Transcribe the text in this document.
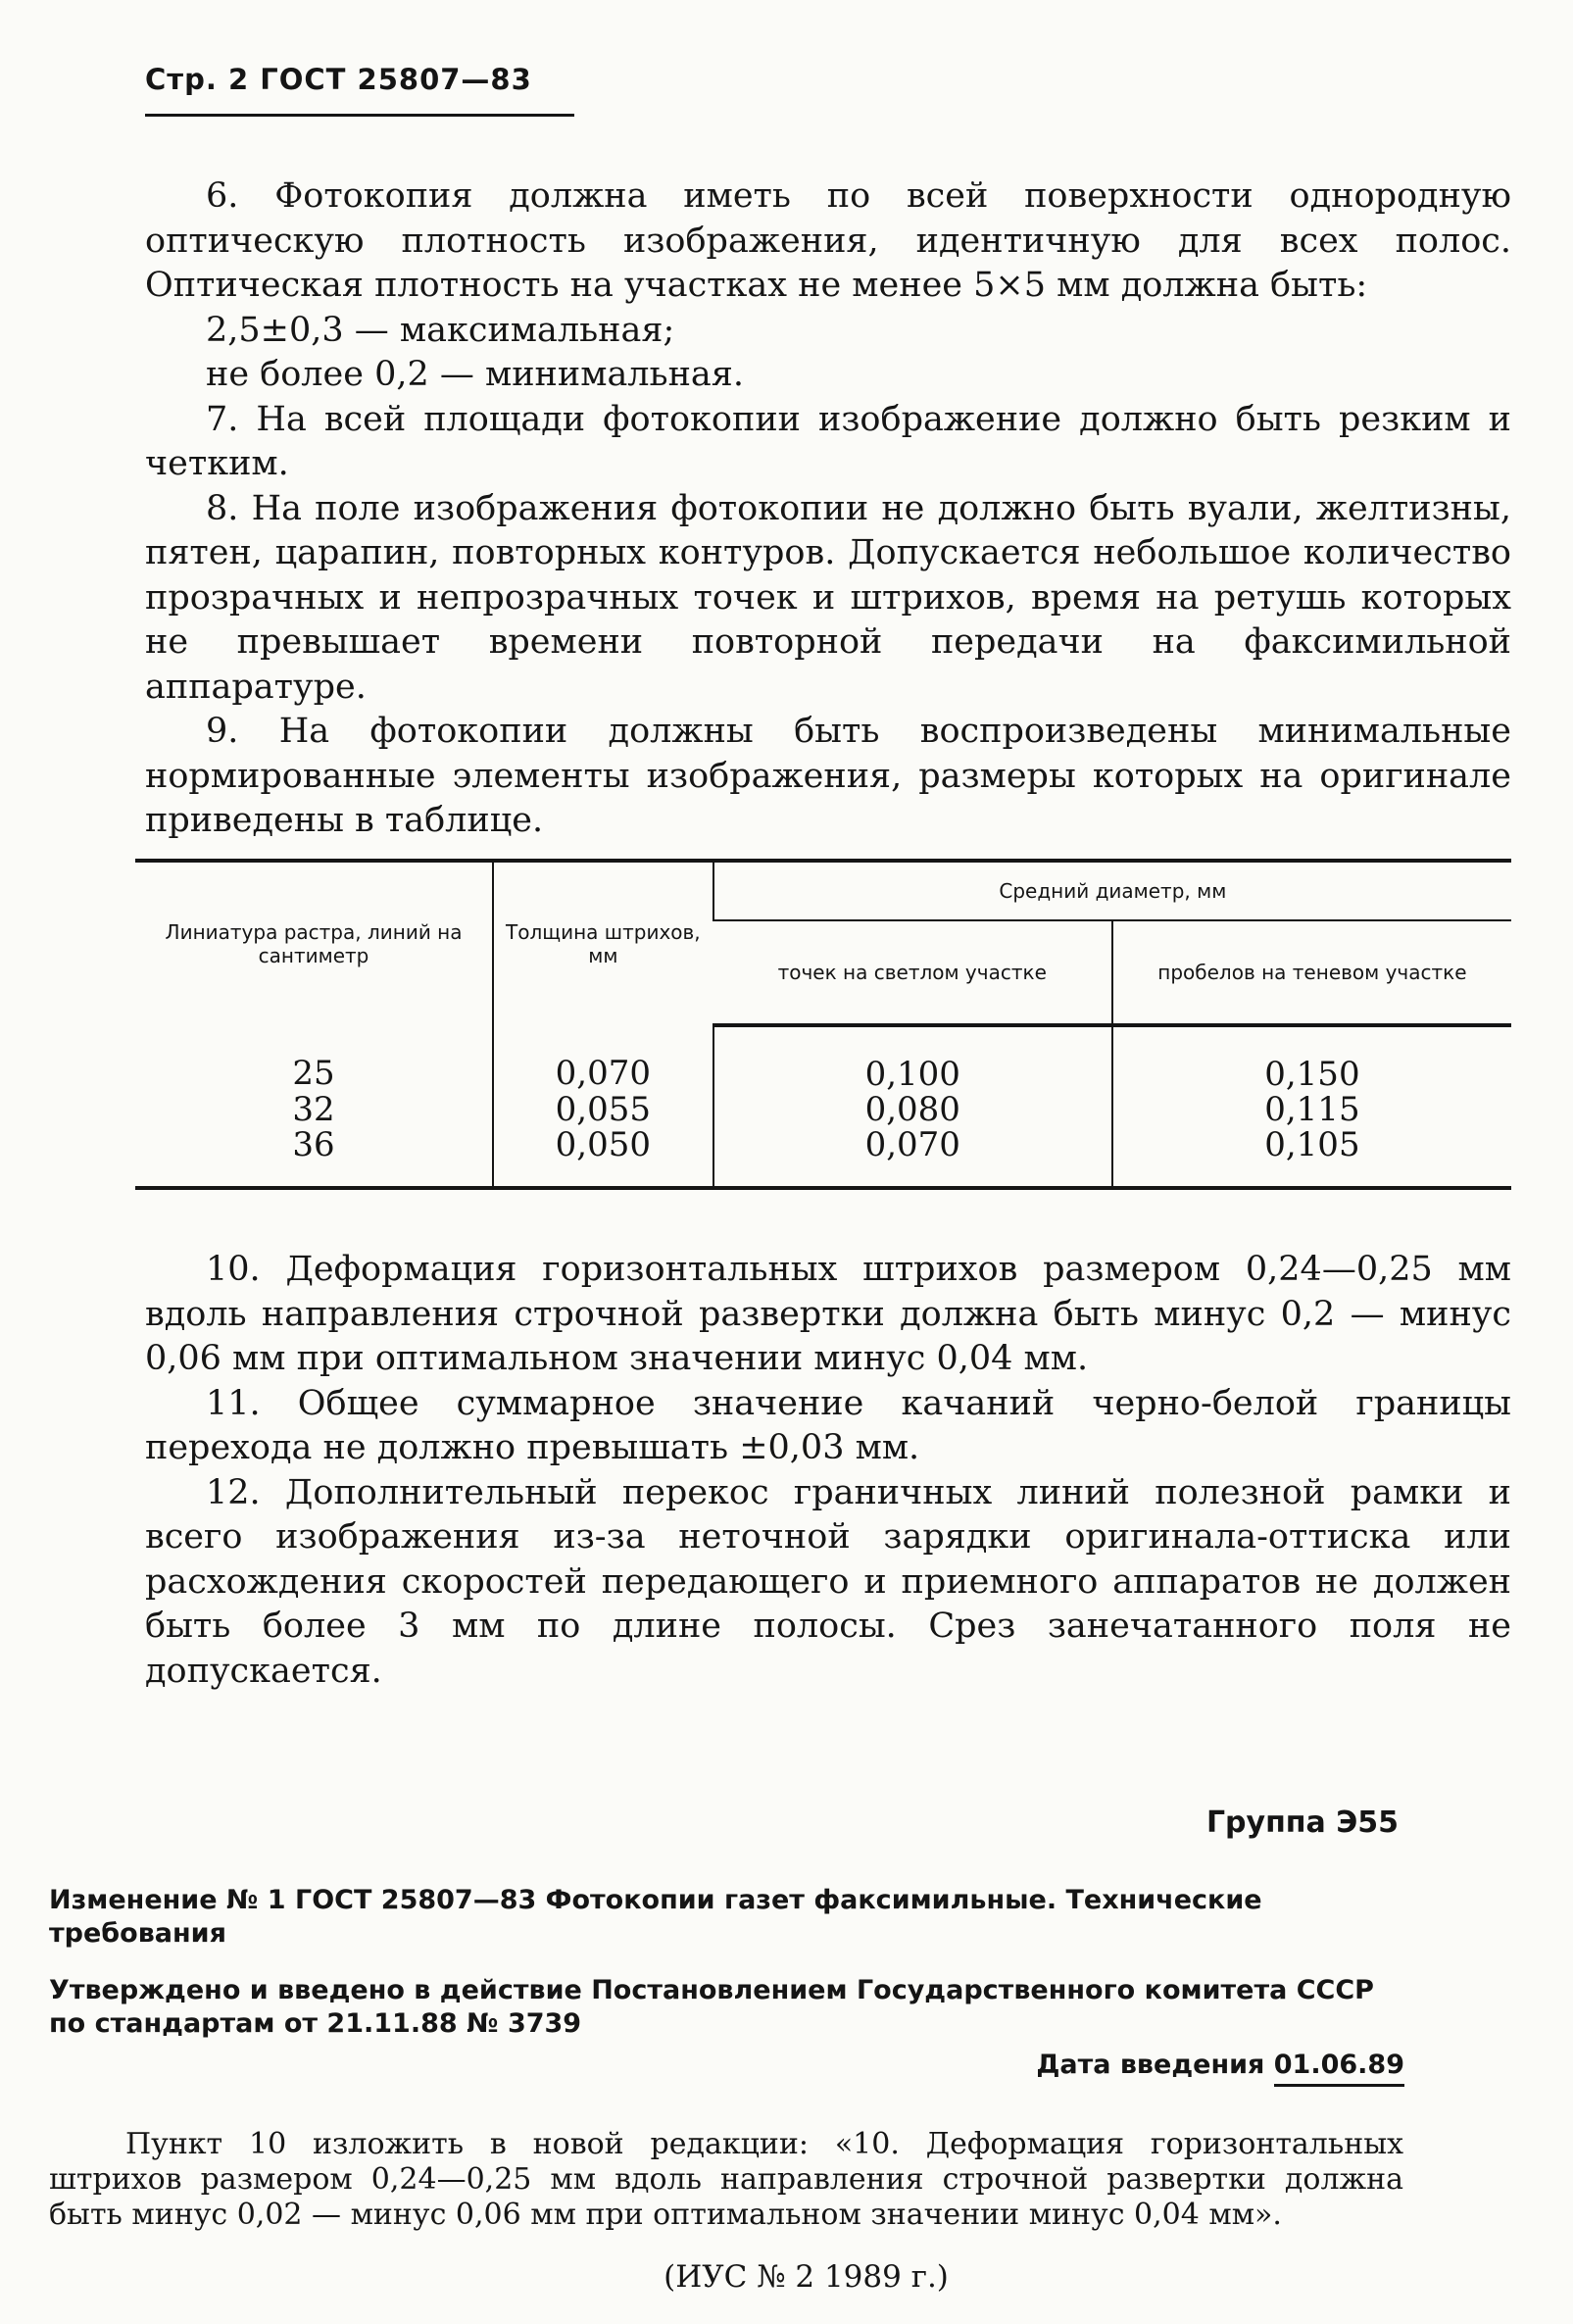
Стр. 2 ГОСТ 25807—83

6. Фотокопия должна иметь по всей поверхности однородную оптическую плотность изображения, идентичную для всех полос. Оптическая плотность на участках не менее 5×5 мм должна быть:

2,5±0,3 — максимальная;

не более 0,2 — минимальная.

7. На всей площади фотокопии изображение должно быть резким и четким.

8. На поле изображения фотокопии не должно быть вуали, желтизны, пятен, царапин, повторных контуров. Допускается небольшое количество прозрачных и непрозрачных точек и штрихов, время на ретушь которых не превышает времени повторной передачи на факсимильной аппаратуре.

9. На фотокопии должны быть воспроизведены минимальные нормированные элементы изображения, размеры которых на оригинале приведены в таблице.

Линиатура растра, линий на сантиметр	Толщина штрихов, мм	Средний диаметр, мм	
		точек на светлом участке	пробелов на теневом участке
25	0,070	0,100	0,150
32	0,055	0,080	0,115
36	0,050	0,070	0,105

10. Деформация горизонтальных штрихов размером 0,24—0,25 мм вдоль направления строчной развертки должна быть минус 0,2 — минус 0,06 мм при оптимальном значении минус 0,04 мм.

11. Общее суммарное значение качаний черно-белой границы перехода не должно превышать ±0,03 мм.

12. Дополнительный перекос граничных линий полезной рамки и всего изображения из-за неточной зарядки оригинала-оттиска или расхождения скоростей передающего и приемного аппаратов не должен быть более 3 мм по длине полосы. Срез занечатанного поля не допускается.

Группа Э55
Изменение № 1 ГОСТ 25807—83 Фотокопии газет факсимильные. Технические требования
Утверждено и введено в действие Постановлением Государственного комитета СССР по стандартам от 21.11.88 № 3739
Дата введения 01.06.89
Пункт 10 изложить в новой редакции: «10. Деформация горизонтальных штрихов размером 0,24—0,25 мм вдоль направления строчной развертки должна быть минус 0,02 — минус 0,06 мм при оптимальном значении минус 0,04 мм».
(ИУС № 2 1989 г.)
